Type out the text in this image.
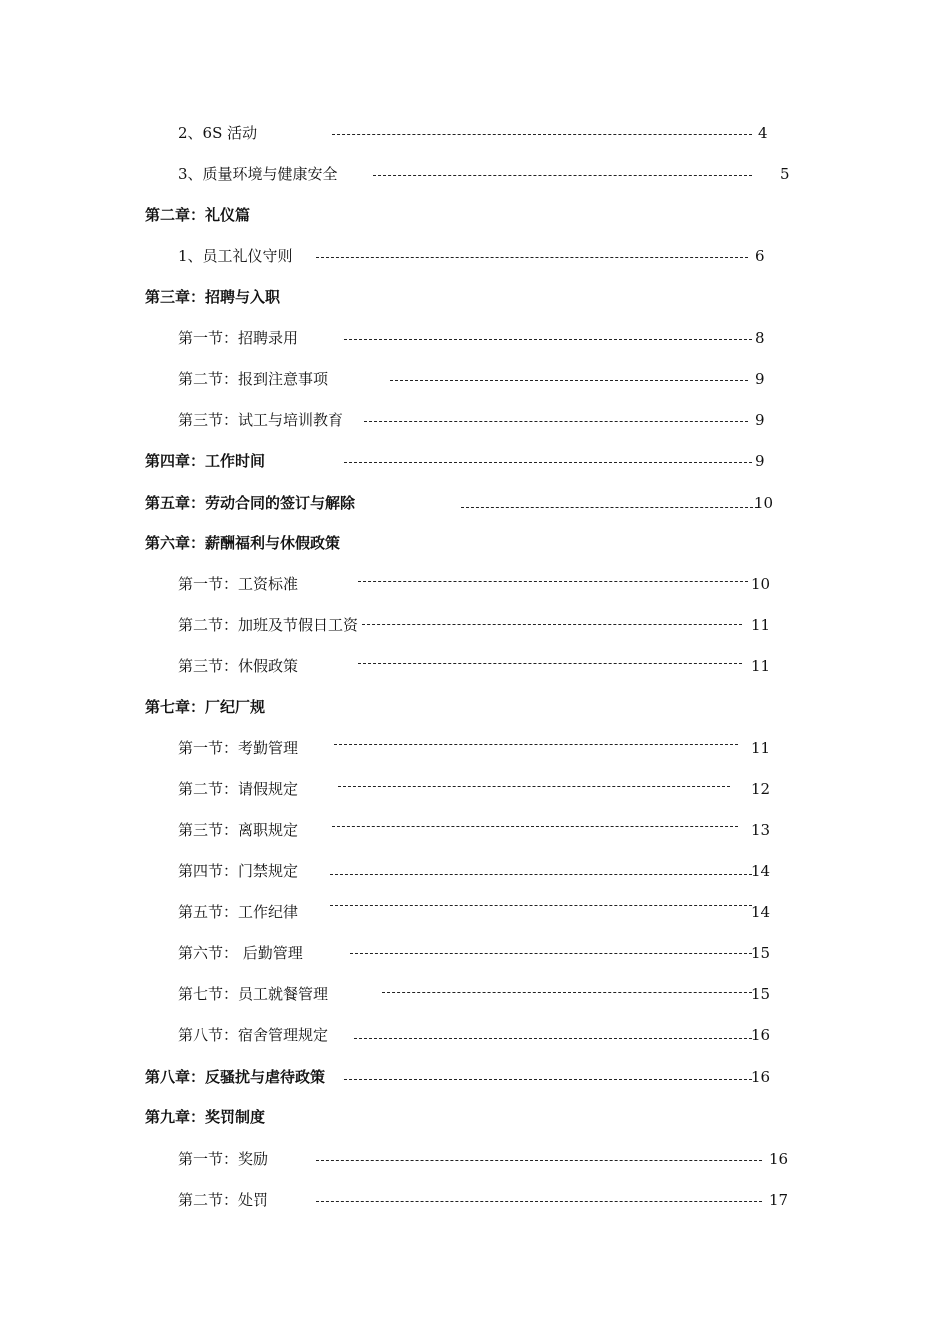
2、6S 活动	4
3、质量环境与健康安全	5
第二章：礼仪篇
1、员工礼仪守则	6
第三章：招聘与入职
第一节：招聘录用	8
第二节：报到注意事项	9
第三节：试工与培训教育	9
第四章：工作时间	9
第五章：劳动合同的签订与解除	10
第六章：薪酬福利与休假政策
第一节：工资标准	10
第二节：加班及节假日工资	11
第三节：休假政策	11
第七章：厂纪厂规
第一节：考勤管理	11
第二节：请假规定	12
第三节：离职规定	13
第四节：门禁规定	14
第五节：工作纪律	14
第六节： 后勤管理	15
第七节：员工就餐管理	15
第八节：宿舍管理规定	16
第八章：反骚扰与虐待政策	16
第九章：奖罚制度
第一节：奖励	16
第二节：处罚	17
